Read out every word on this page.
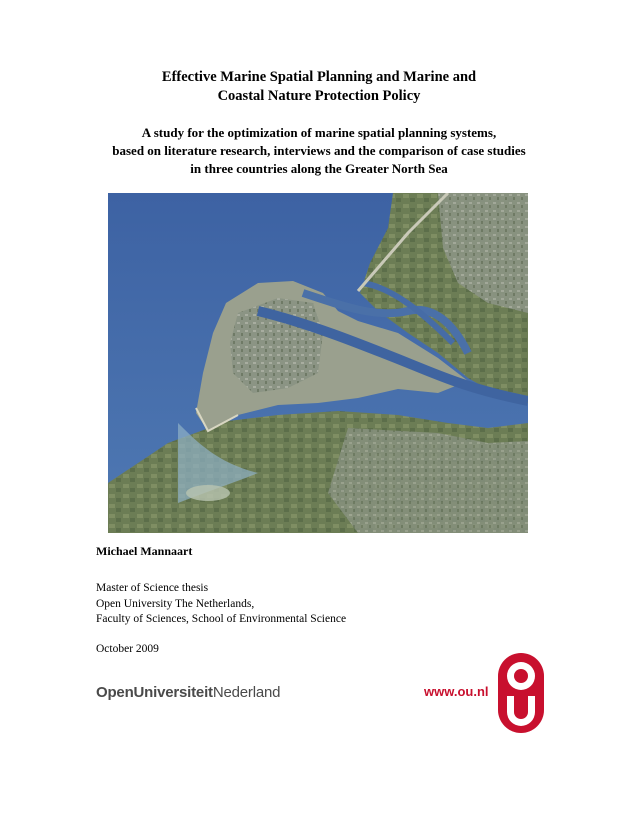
Effective Marine Spatial Planning and Marine and
Coastal Nature Protection Policy
A study for the optimization of marine spatial planning systems,
based on literature research, interviews and the comparison of case studies
in three countries along the Greater North Sea
Michael Mannaart
Master of Science thesis
Open University The Netherlands,
Faculty of Sciences, School of Environmental Science
October 2009
OpenUniversiteitNederland	www.ou.nl
